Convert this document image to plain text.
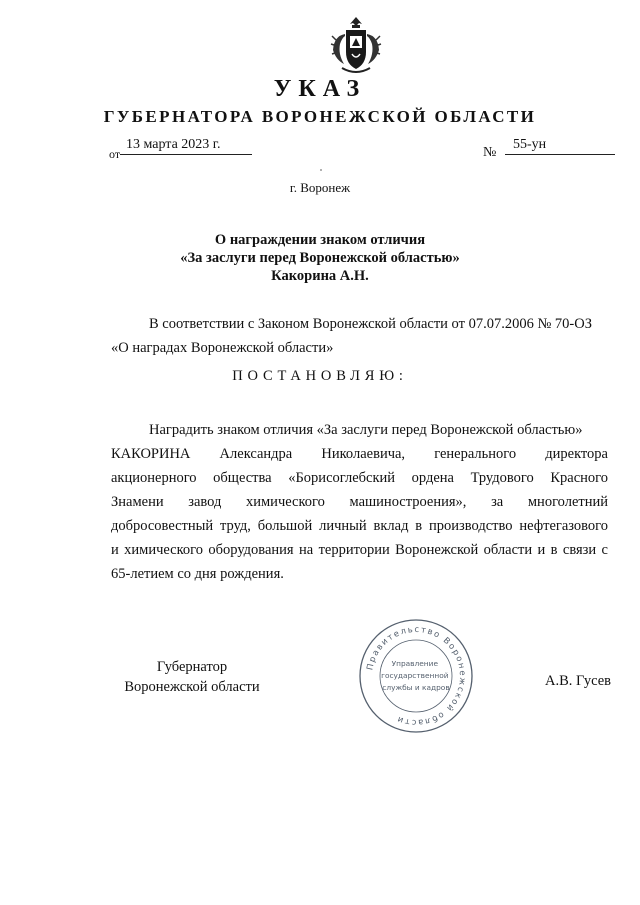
УКАЗ
ГУБЕРНАТОРА ВОРОНЕЖСКОЙ ОБЛАСТИ
от
13 марта 2023 г.
№
55-ун
г. Воронеж
О награждении знаком отличия
«За заслуги перед Воронежской областью»
Какорина А.Н.
В соответствии с Законом Воронежской области от 07.07.2006 № 70-ОЗ
«О наградах Воронежской области»
ПОСТАНОВЛЯЮ:
Наградить знаком отличия «За заслуги перед Воронежской областью»
КАКОРИНА Александра Николаевича, генерального директора
акционерного общества «Борисоглебский ордена Трудового Красного
Знамени завод химического машиностроения», за многолетний
добросовестный труд, большой личный вклад в производство нефтегазового
и химического оборудования на территории Воронежской области и в связи с
65-летием со дня рождения.
Губернатор
Воронежской области	А.В. Гусев
Правительство Воронежской области
Управление государственной службы и кадров
